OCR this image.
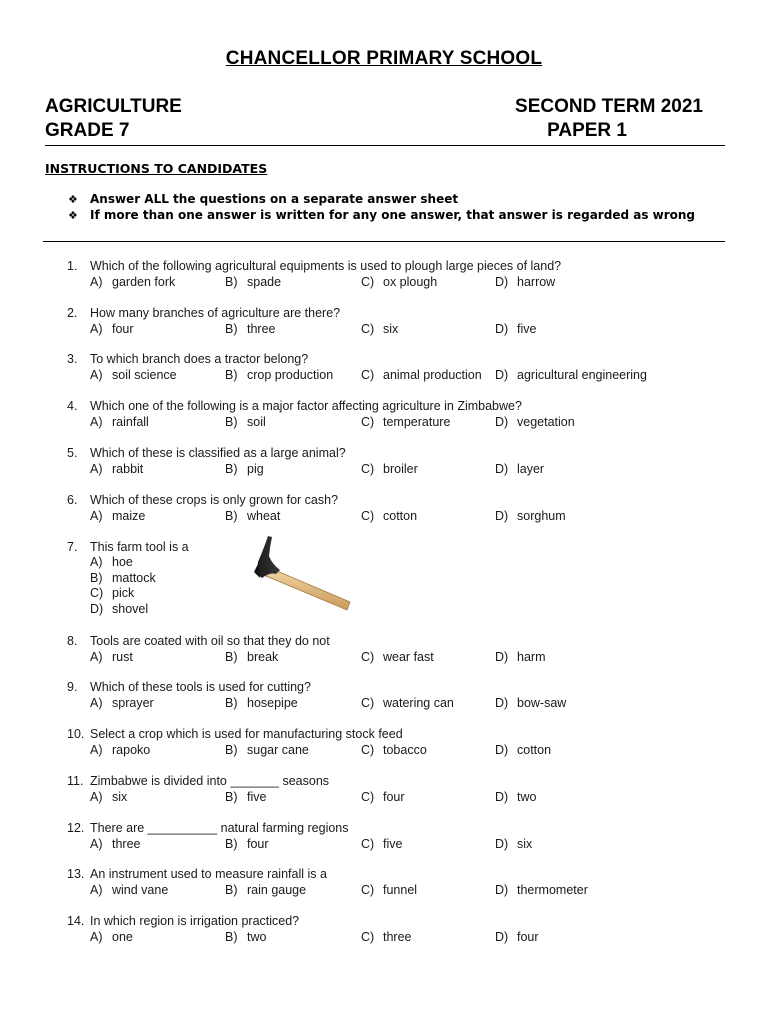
CHANCELLOR PRIMARY SCHOOL
AGRICULTURE
GRADE 7
SECOND TERM 2021
PAPER 1
INSTRUCTIONS TO CANDIDATES
❖ Answer ALL the questions on a separate answer sheet
❖ If more than one answer is written for any one answer, that answer is regarded as wrong
1. Which of the following agricultural equipments is used to plough large pieces of land?
A) garden fork	B) spade	C) ox plough	D) harrow
2. How many branches of agriculture are there?
A) four	B) three	C) six	D) five
3. To which branch does a tractor belong?
A) soil science	B) crop production C) animal production D) agricultural engineering
4. Which one of the following is a major factor affecting agriculture in Zimbabwe?
A) rainfall	B) soil	C) temperature	D) vegetation
5. Which of these is classified as a large animal?
A) rabbit	B) pig	C) broiler	D) layer
6. Which of these crops is only grown for cash?
A) maize	B) wheat	C) cotton	D) sorghum
7. This farm tool is a
A) hoe
B) mattock
C) pick
D) shovel
8. Tools are coated with oil so that they do not
A) rust	B) break	C) wear fast	D) harm
9. Which of these tools is used for cutting?
A) sprayer	B) hosepipe	C) watering can	D) bow-saw
10. Select a crop which is used for manufacturing stock feed
A) rapoko	B) sugar cane	C) tobacco	D) cotton
11. Zimbabwe is divided into _______ seasons
A) six	B) five	C) four	D) two
12. There are __________ natural farming regions
A) three	B) four	C) five	D) six
13. An instrument used to measure rainfall is a
A) wind vane	B) rain gauge	C) funnel	D) thermometer
14. In which region is irrigation practiced?
A) one	B) two	C) three	D) four
